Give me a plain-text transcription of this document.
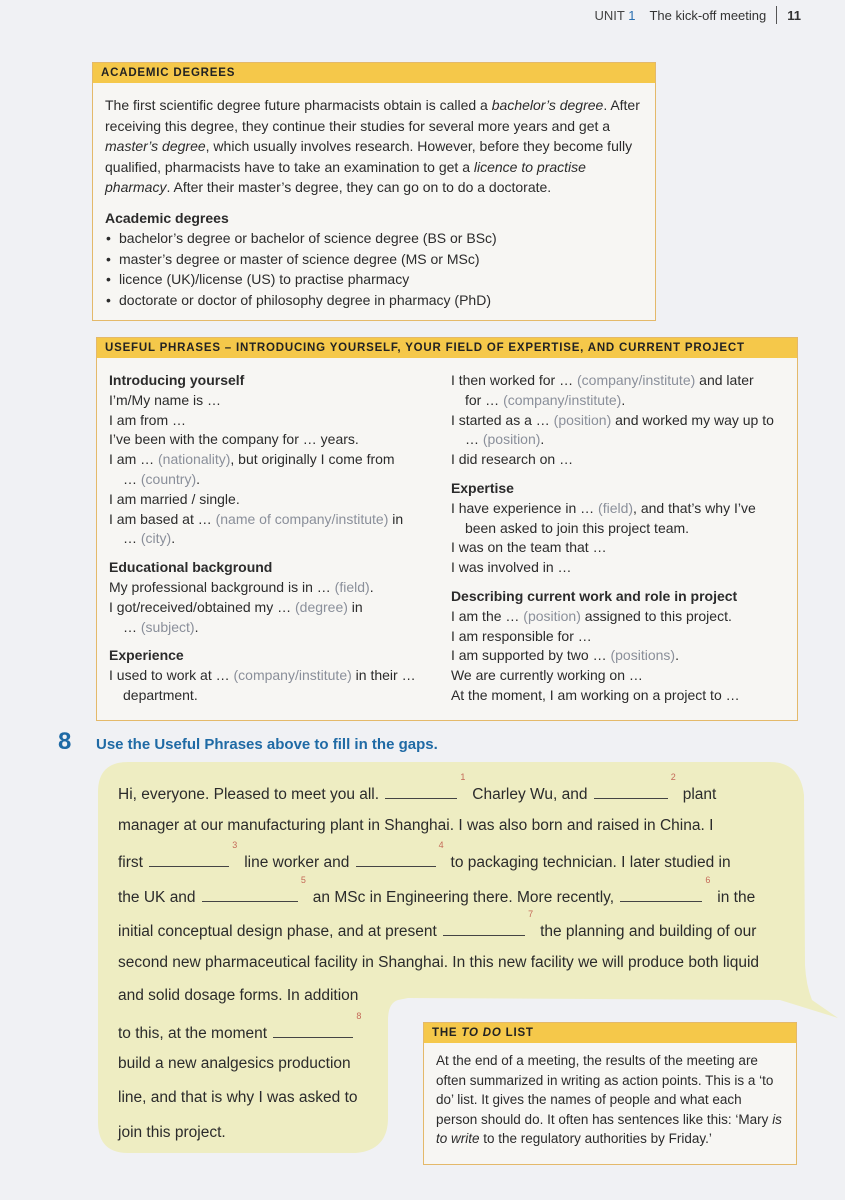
UNIT 1 The kick-off meeting 11
ACADEMIC DEGREES

The first scientific degree future pharmacists obtain is called a bachelor’s degree. After receiving this degree, they continue their studies for several more years and get a master’s degree, which usually involves research. However, before they become fully qualified, pharmacists have to take an examination to get a licence to practise pharmacy. After their master’s degree, they can go on to do a doctorate.

Academic degrees
• bachelor’s degree or bachelor of science degree (BS or BSc)
• master’s degree or master of science degree (MS or MSc)
• licence (UK)/license (US) to practise pharmacy
• doctorate or doctor of philosophy degree in pharmacy (PhD)
USEFUL PHRASES – INTRODUCING YOURSELF, YOUR FIELD OF EXPERTISE, AND CURRENT PROJECT
Introducing yourself
I’m/My name is …
I am from …
I’ve been with the company for … years.
I am … (nationality), but originally I come from
… (country).
I am married / single.
I am based at … (name of company/institute) in
… (city).
Educational background
My professional background is in … (field).
I got/received/obtained my … (degree) in
… (subject).
Experience
I used to work at … (company/institute) in their …
department.
I then worked for … (company/institute) and later
for … (company/institute).
I started as a … (position) and worked my way up to
… (position).
I did research on …
Expertise
I have experience in … (field), and that’s why I’ve
been asked to join this project team.
I was on the team that …
I was involved in …
Describing current work and role in project
I am the … (position) assigned to this project.
I am responsible for …
I am supported by two … (positions).
We are currently working on …
At the moment, I am working on a project to …
8 Use the Useful Phrases above to fill in the gaps.
Hi, everyone. Pleased to meet you all.
1
Charley Wu, and
2
plant
manager at our manufacturing plant in Shanghai. I was also born and raised in China. I
first
3
line worker and
4
to packaging technician. I later studied in
the UK and
5
an MSc in Engineering there. More recently,
6
in the
initial conceptual design phase, and at present
7
the planning and building of our
second new pharmaceutical facility in Shanghai. In this new facility we will produce both liquid
and solid dosage forms. In addition
to this, at the moment
8
build a new analgesics production
line, and that is why I was asked to
join this project.
THE TO DO LIST
At the end of a meeting, the results of the meeting are often summarized in writing as action points. This is a ‘to do’ list. It gives the names of people and what each person should do. It often has sentences like this: ‘Mary is to write to the regulatory authorities by Friday.’
